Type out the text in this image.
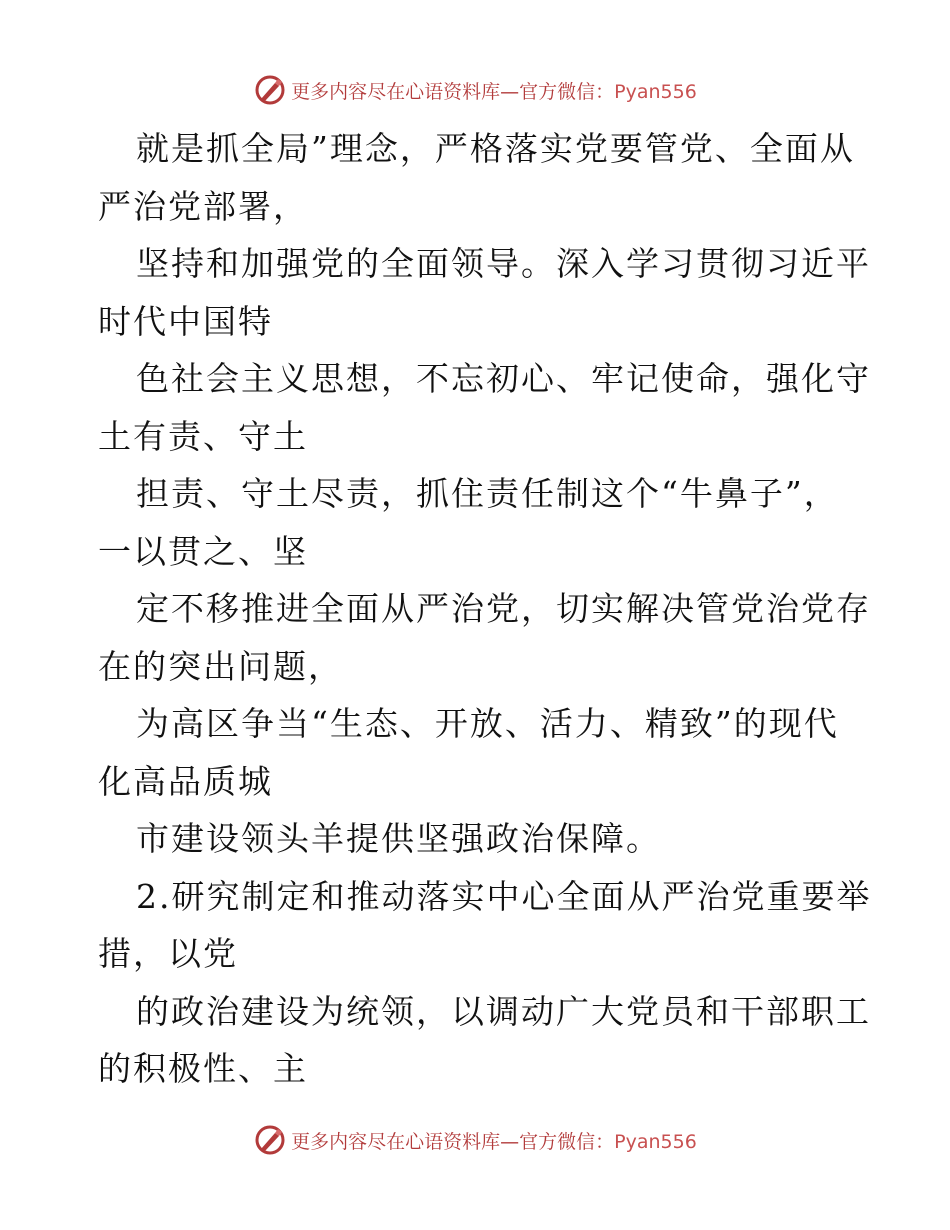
更多内容尽在心语资料库—官方微信：Pyan556
就是抓全局”理念，严格落实党要管党、全面从
严治党部署，
坚持和加强党的全面领导。深入学习贯彻习近平
时代中国特
色社会主义思想，不忘初心、牢记使命，强化守
土有责、守土
担责、守土尽责，抓住责任制这个“牛鼻子”，
一以贯之、坚
定不移推进全面从严治党，切实解决管党治党存
在的突出问题，
为高区争当“生态、开放、活力、精致”的现代
化高品质城
市建设领头羊提供坚强政治保障。
2.研究制定和推动落实中心全面从严治党重要举
措，以党
的政治建设为统领，以调动广大党员和干部职工
的积极性、主
更多内容尽在心语资料库—官方微信：Pyan556
